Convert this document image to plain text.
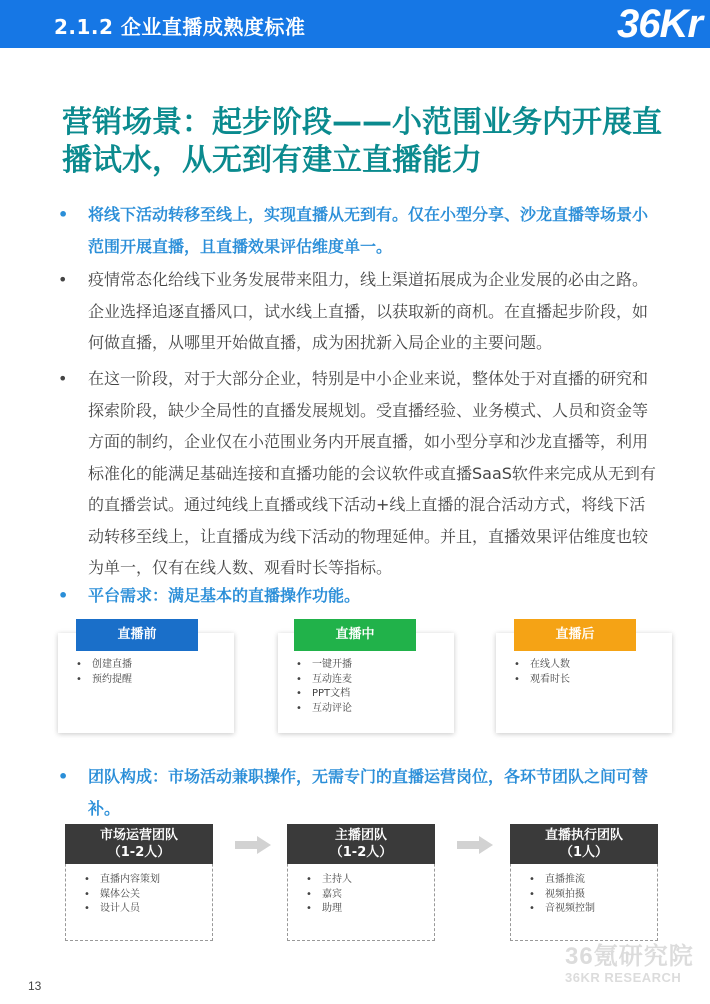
2.1.2 企业直播成熟度标准	36Kr
营销场景：起步阶段——小范围业务内开展直播试水，从无到有建立直播能力
• 将线下活动转移至线上，实现直播从无到有。仅在小型分享、沙龙直播等场景小范围开展直播，且直播效果评估维度单一。
• 疫情常态化给线下业务发展带来阻力，线上渠道拓展成为企业发展的必由之路。企业选择追逐直播风口，试水线上直播，以获取新的商机。在直播起步阶段，如何做直播，从哪里开始做直播，成为困扰新入局企业的主要问题。
• 在这一阶段，对于大部分企业，特别是中小企业来说，整体处于对直播的研究和探索阶段，缺少全局性的直播发展规划。受直播经验、业务模式、人员和资金等方面的制约，企业仅在小范围业务内开展直播，如小型分享和沙龙直播等，利用标准化的能满足基础连接和直播功能的会议软件或直播SaaS软件来完成从无到有的直播尝试。通过纯线上直播或线下活动+线上直播的混合活动方式，将线下活动转移至线上，让直播成为线下活动的物理延伸。并且，直播效果评估维度也较为单一，仅有在线人数、观看时长等指标。
• 平台需求：满足基本的直播操作功能。
直播前
• 创建直播
• 预约提醒
直播中
• 一键开播
• 互动连麦
• PPT文档
• 互动评论
直播后
• 在线人数
• 观看时长
• 团队构成：市场活动兼职操作，无需专门的直播运营岗位，各环节团队之间可替补。
市场运营团队
（1-2人）
• 直播内容策划
• 媒体公关
• 设计人员
主播团队
（1-2人）
• 主持人
• 嘉宾
• 助理
直播执行团队
（1人）
• 直播推流
• 视频拍摄
• 音视频控制
36氪研究院
36KR RESEARCH
13
